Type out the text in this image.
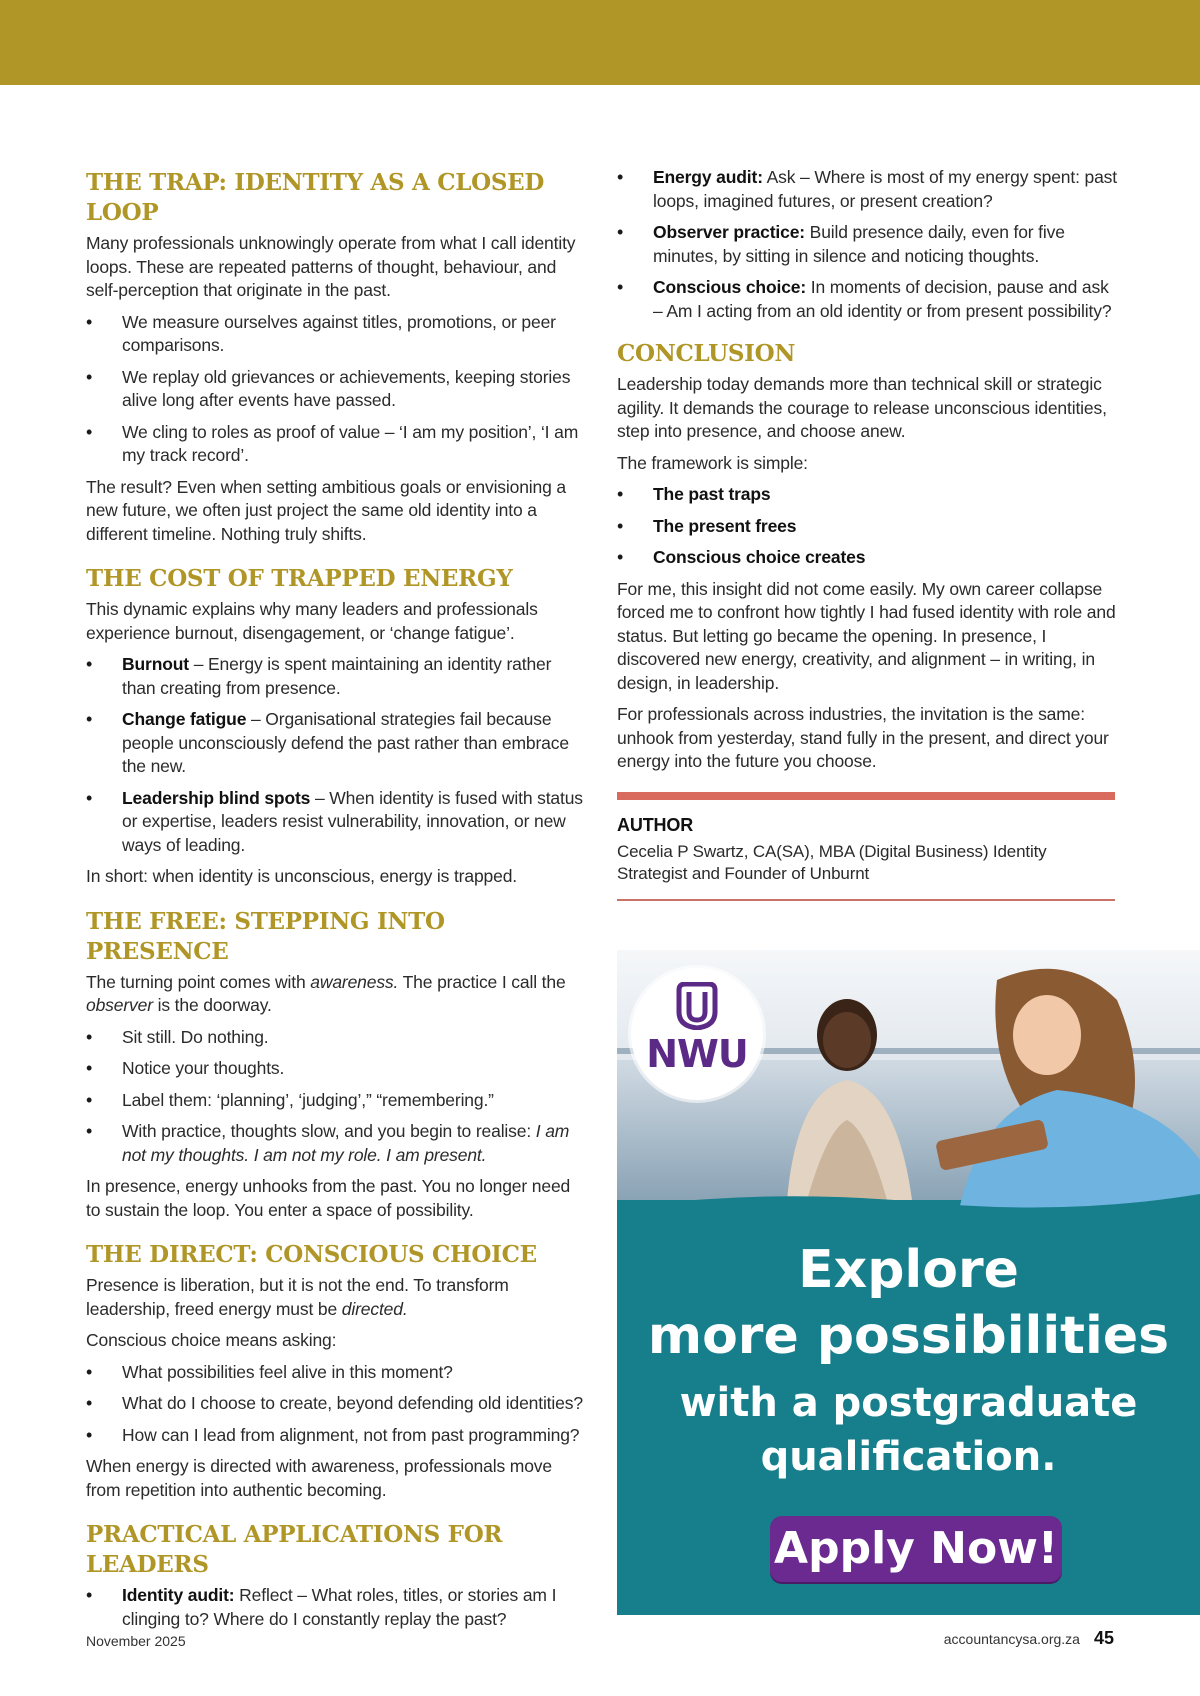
THE TRAP: IDENTITY AS A CLOSED LOOP

Many professionals unknowingly operate from what I call identity loops. These are repeated patterns of thought, behaviour, and self-perception that originate in the past.

• We measure ourselves against titles, promotions, or peer comparisons.
• We replay old grievances or achievements, keeping stories alive long after events have passed.
• We cling to roles as proof of value – ‘I am my position’, ‘I am my track record’.

The result? Even when setting ambitious goals or envisioning a new future, we often just project the same old identity into a different timeline. Nothing truly shifts.

THE COST OF TRAPPED ENERGY

This dynamic explains why many leaders and professionals experience burnout, disengagement, or ‘change fatigue’.

• Burnout – Energy is spent maintaining an identity rather than creating from presence.
• Change fatigue – Organisational strategies fail because people unconsciously defend the past rather than embrace the new.
• Leadership blind spots – When identity is fused with status or expertise, leaders resist vulnerability, innovation, or new ways of leading.

In short: when identity is unconscious, energy is trapped.

THE FREE: STEPPING INTO PRESENCE

The turning point comes with awareness. The practice I call the observer is the doorway.

• Sit still. Do nothing.
• Notice your thoughts.
• Label them: ‘planning’, ‘judging’,” “remembering.”
• With practice, thoughts slow, and you begin to realise: I am not my thoughts. I am not my role. I am present.

In presence, energy unhooks from the past. You no longer need to sustain the loop. You enter a space of possibility.

THE DIRECT: CONSCIOUS CHOICE

Presence is liberation, but it is not the end. To transform leadership, freed energy must be directed.

Conscious choice means asking:

• What possibilities feel alive in this moment?
• What do I choose to create, beyond defending old identities?
• How can I lead from alignment, not from past programming?

When energy is directed with awareness, professionals move from repetition into authentic becoming.

PRACTICAL APPLICATIONS FOR LEADERS
• Identity audit: Reflect – What roles, titles, or stories am I clinging to? Where do I constantly replay the past?
• Energy audit: Ask – Where is most of my energy spent: past loops, imagined futures, or present creation?
• Observer practice: Build presence daily, even for five minutes, by sitting in silence and noticing thoughts.
• Conscious choice: In moments of decision, pause and ask – Am I acting from an old identity or from present possibility?
CONCLUSION

Leadership today demands more than technical skill or strategic agility. It demands the courage to release unconscious identities, step into presence, and choose anew.

The framework is simple:

• The past traps
• The present frees
• Conscious choice creates

For me, this insight did not come easily. My own career collapse forced me to confront how tightly I had fused identity with role and status. But letting go became the opening. In presence, I discovered new energy, creativity, and alignment – in writing, in design, in leadership.

For professionals across industries, the invitation is the same: unhook from yesterday, stand fully in the present, and direct your energy into the future you choose.

AUTHOR
Cecelia P Swartz, CA(SA), MBA (Digital Business) Identity Strategist and Founder of Unburnt
NWU
Explore
more possibilities
with a postgraduate
qualification.
Apply Now!
November 2025	accountancysa.org.za 45
